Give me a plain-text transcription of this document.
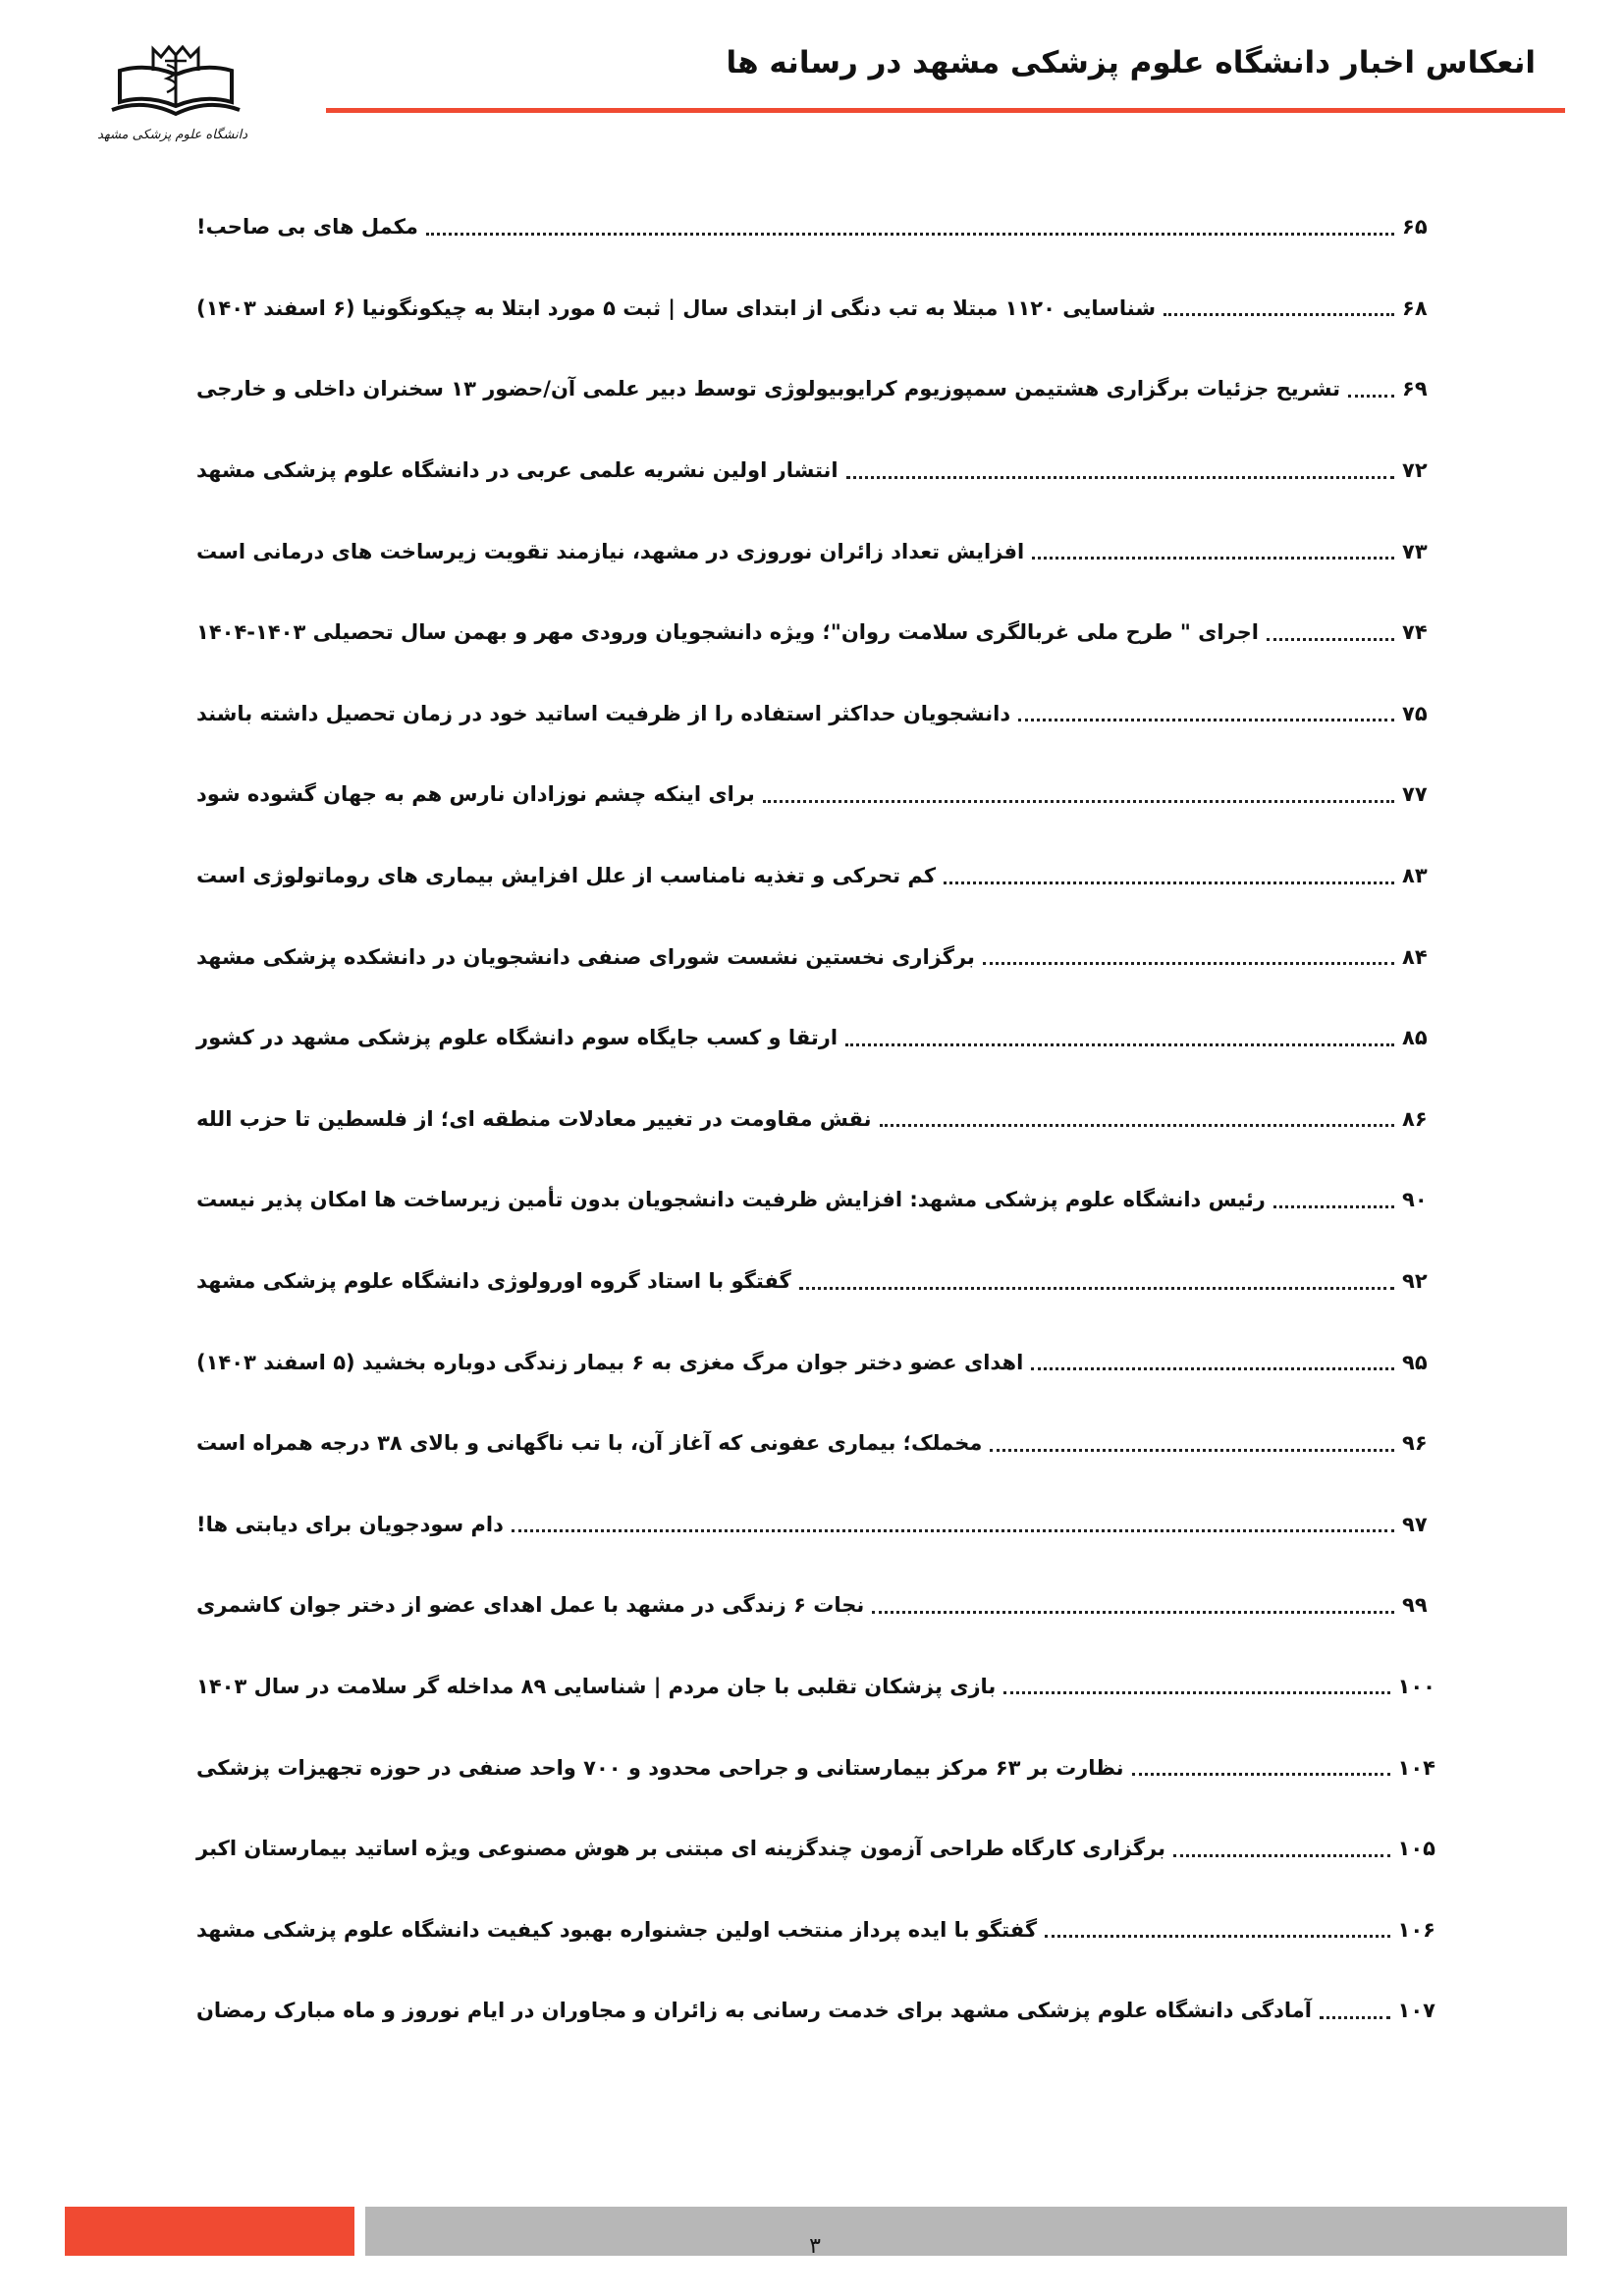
دانشگاه علوم پزشکی مشهد
انعکاس اخبار دانشگاه علوم پزشکی مشهد در رسانه ها
مکمل های بی صاحب!	۶۵
شناسایی ۱۱۲۰ مبتلا به تب دنگی از ابتدای سال | ثبت ۵ مورد ابتلا به چیکونگونیا (۶ اسفند ۱۴۰۳)	۶۸
تشریح جزئیات برگزاری هشتیمن سمپوزیوم کرایوبیولوژی توسط دبیر علمی آن/حضور ۱۳ سخنران داخلی و خارجی	۶۹
انتشار اولین نشریه علمی عربی در دانشگاه علوم پزشکی مشهد	۷۲
افزایش تعداد زائران نوروزی در مشهد، نیازمند تقویت زیرساخت های درمانی است	۷۳
اجرای " طرح ملی غربالگری سلامت روان"؛ ویژه دانشجویان ورودی مهر و بهمن سال تحصیلی ۱۴۰۳-۱۴۰۴	۷۴
دانشجویان حداکثر استفاده را از ظرفیت اساتید خود در زمان تحصیل داشته باشند	۷۵
برای اینکه چشم نوزادان نارس هم به جهان گشوده شود	۷۷
کم تحرکی و تغذیه نامناسب از علل افزایش بیماری های روماتولوژی است	۸۳
برگزاری نخستین نشست شورای صنفی دانشجویان در دانشکده پزشکی مشهد	۸۴
ارتقا و کسب جایگاه سوم دانشگاه علوم پزشکی مشهد در کشور	۸۵
نقش مقاومت در تغییر معادلات منطقه ای؛ از فلسطین تا حزب الله	۸۶
رئیس دانشگاه علوم پزشکی مشهد: افزایش ظرفیت دانشجویان بدون تأمین زیرساخت ها امکان پذیر نیست	۹۰
گفتگو با استاد گروه اورولوژی دانشگاه علوم پزشکی مشهد	۹۲
اهدای عضو دختر جوان مرگ مغزی به ۶ بیمار زندگی دوباره بخشید (۵ اسفند ۱۴۰۳)	۹۵
مخملک؛ بیماری عفونی که آغاز آن، با تب ناگهانی و بالای ۳۸ درجه همراه است	۹۶
دام سودجویان برای دیابتی ها!	۹۷
نجات ۶ زندگی در مشهد با عمل اهدای عضو از دختر جوان کاشمری	۹۹
بازی پزشکان تقلبی با جان مردم | شناسایی ۸۹ مداخله گر سلامت در سال ۱۴۰۳	۱۰۰
نظارت بر ۶۳ مرکز بیمارستانی و جراحی محدود و ۷۰۰ واحد صنفی در حوزه تجهیزات پزشکی	۱۰۴
برگزاری کارگاه طراحی آزمون چندگزینه ای مبتنی بر هوش مصنوعی ویژه اساتید بیمارستان اکبر	۱۰۵
گفتگو با ایده پرداز منتخب اولین جشنواره بهبود کیفیت دانشگاه علوم پزشکی مشهد	۱۰۶
آمادگی دانشگاه علوم پزشکی مشهد برای خدمت رسانی به زائران و مجاوران در ایام نوروز و ماه مبارک رمضان	۱۰۷
۳
